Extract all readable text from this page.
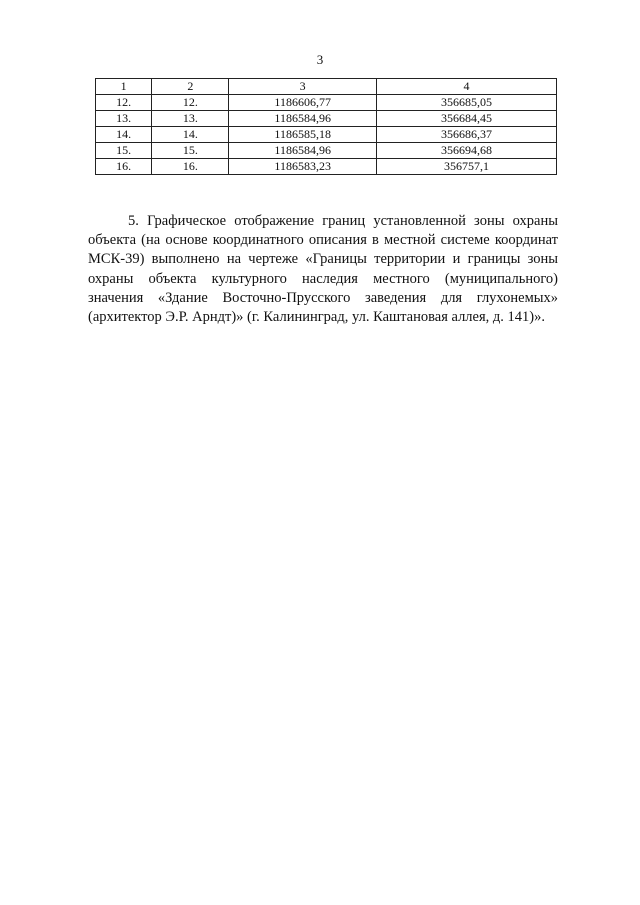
3
1	2	3	4
12.	12.	1186606,77	356685,05
13.	13.	1186584,96	356684,45
14.	14.	1186585,18	356686,37
15.	15.	1186584,96	356694,68
16.	16.	1186583,23	356757,1

5. Графическое отображение границ установленной зоны охраны объекта (на основе координатного описания в местной системе координат МСК-39) выполнено на чертеже «Границы территории и границы зоны охраны объекта культурного наследия местного (муниципального) значения «Здание Восточно-Прусского заведения для глухонемых» (архитектор Э.Р. Арндт)» (г. Калининград, ул. Каштановая аллея, д. 141)».
